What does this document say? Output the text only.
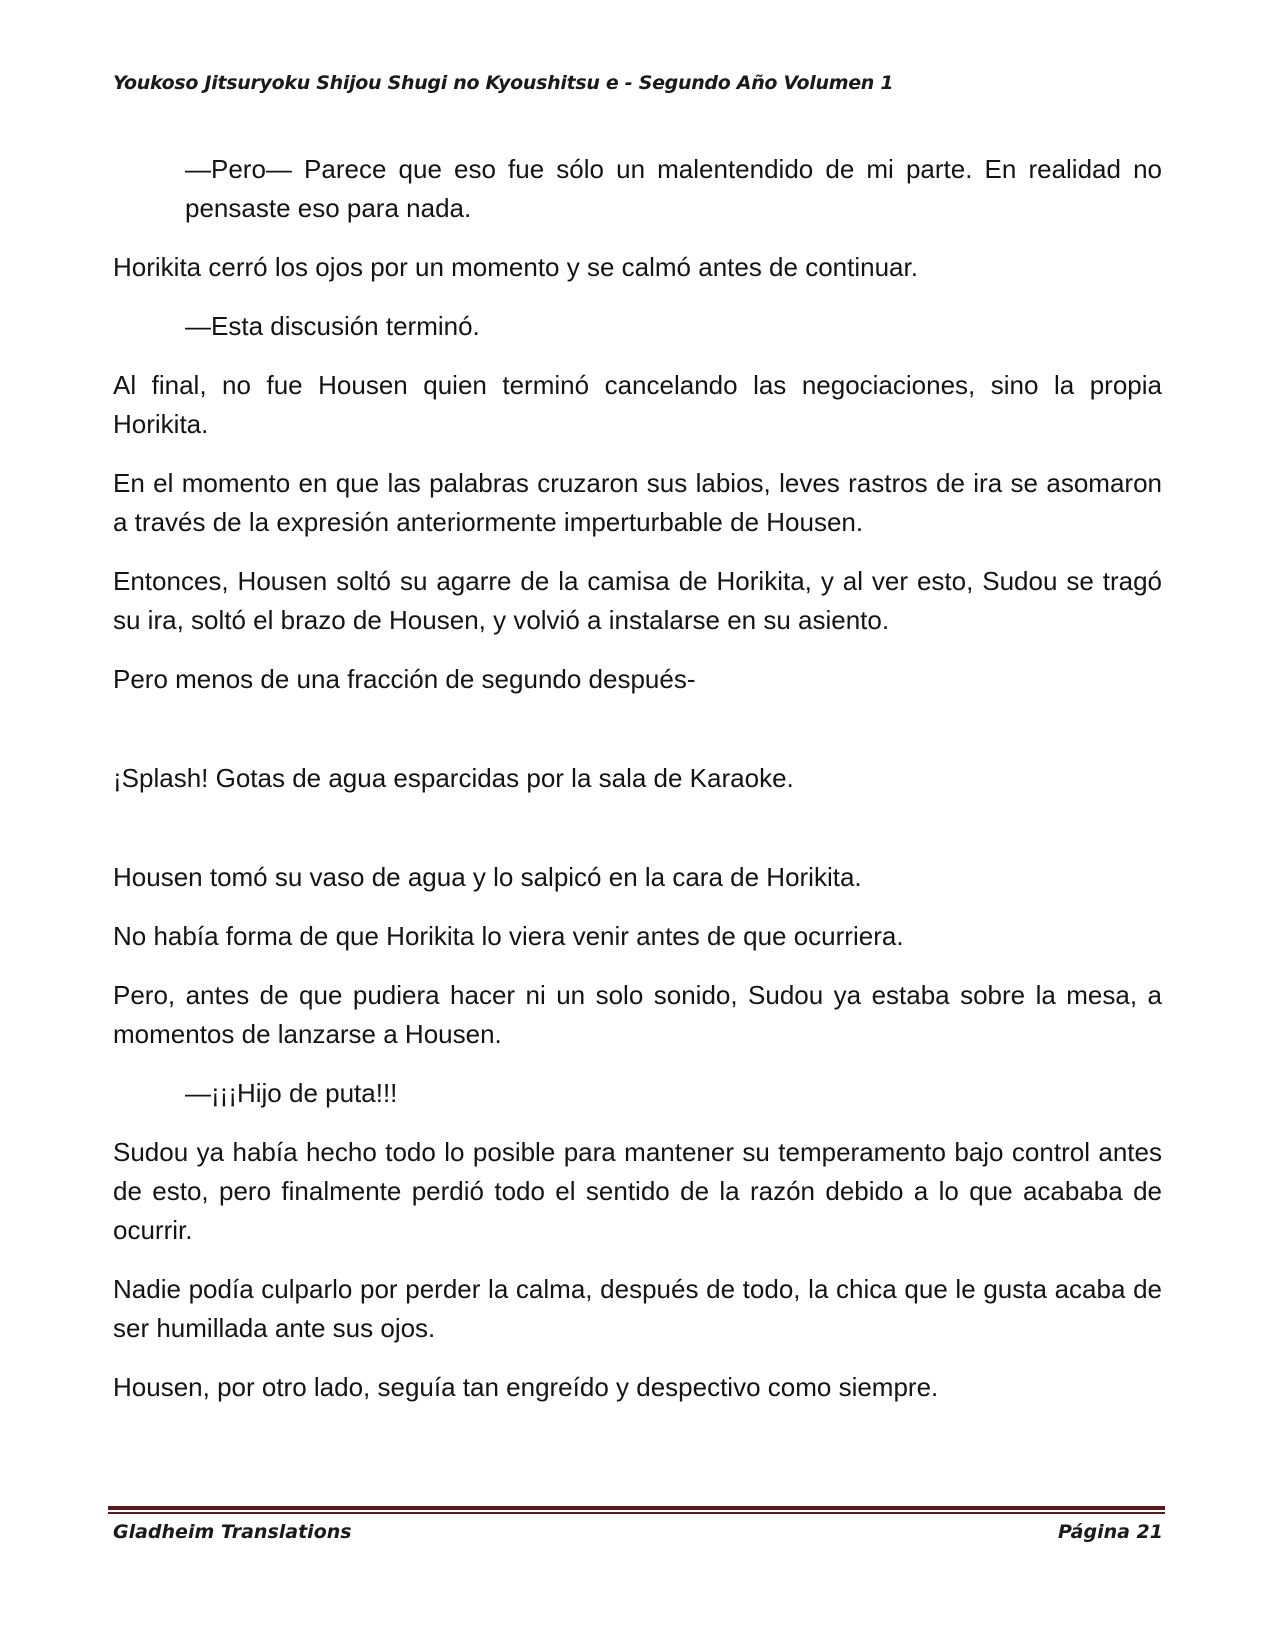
Youkoso Jitsuryoku Shijou Shugi no Kyoushitsu e - Segundo Año Volumen 1

—Pero— Parece que eso fue sólo un malentendido de mi parte. En realidad no pensaste eso para nada.

Horikita cerró los ojos por un momento y se calmó antes de continuar.

—Esta discusión terminó.

Al final, no fue Housen quien terminó cancelando las negociaciones, sino la propia Horikita.

En el momento en que las palabras cruzaron sus labios, leves rastros de ira se asomaron a través de la expresión anteriormente imperturbable de Housen.

Entonces, Housen soltó su agarre de la camisa de Horikita, y al ver esto, Sudou se tragó su ira, soltó el brazo de Housen, y volvió a instalarse en su asiento.

Pero menos de una fracción de segundo después-

¡Splash! Gotas de agua esparcidas por la sala de Karaoke.

Housen tomó su vaso de agua y lo salpicó en la cara de Horikita.

No había forma de que Horikita lo viera venir antes de que ocurriera.

Pero, antes de que pudiera hacer ni un solo sonido, Sudou ya estaba sobre la mesa, a momentos de lanzarse a Housen.

—¡¡¡Hijo de puta!!!

Sudou ya había hecho todo lo posible para mantener su temperamento bajo control antes de esto, pero finalmente perdió todo el sentido de la razón debido a lo que acababa de ocurrir.

Nadie podía culparlo por perder la calma, después de todo, la chica que le gusta acaba de ser humillada ante sus ojos.

Housen, por otro lado, seguía tan engreído y despectivo como siempre.

Gladheim Translations	Página 21
